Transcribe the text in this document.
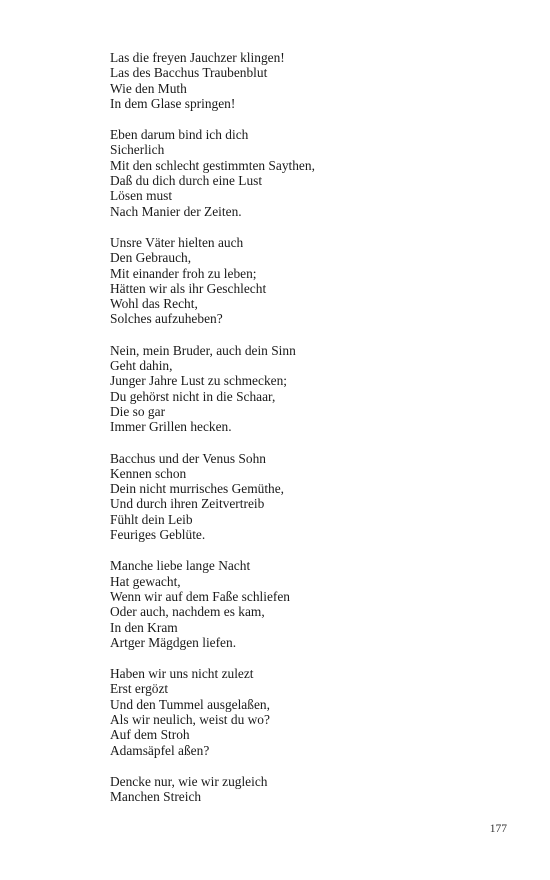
Las die freyen Jauchzer klingen!
Las des Bacchus Traubenblut
Wie den Muth
In dem Glase springen!
Eben darum bind ich dich
Sicherlich
Mit den schlecht gestimmten Saythen,
Daß du dich durch eine Lust
Lösen must
Nach Manier der Zeiten.
Unsre Väter hielten auch
Den Gebrauch,
Mit einander froh zu leben;
Hätten wir als ihr Geschlecht
Wohl das Recht,
Solches aufzuheben?
Nein, mein Bruder, auch dein Sinn
Geht dahin,
Junger Jahre Lust zu schmecken;
Du gehörst nicht in die Schaar,
Die so gar
Immer Grillen hecken.
Bacchus und der Venus Sohn
Kennen schon
Dein nicht murrisches Gemüthe,
Und durch ihren Zeitvertreib
Fühlt dein Leib
Feuriges Geblüte.
Manche liebe lange Nacht
Hat gewacht,
Wenn wir auf dem Faße schliefen
Oder auch, nachdem es kam,
In den Kram
Artger Mägdgen liefen.
Haben wir uns nicht zulezt
Erst ergözt
Und den Tummel ausgelaßen,
Als wir neulich, weist du wo?
Auf dem Stroh
Adamsäpfel aßen?
Dencke nur, wie wir zugleich
Manchen Streich
177
